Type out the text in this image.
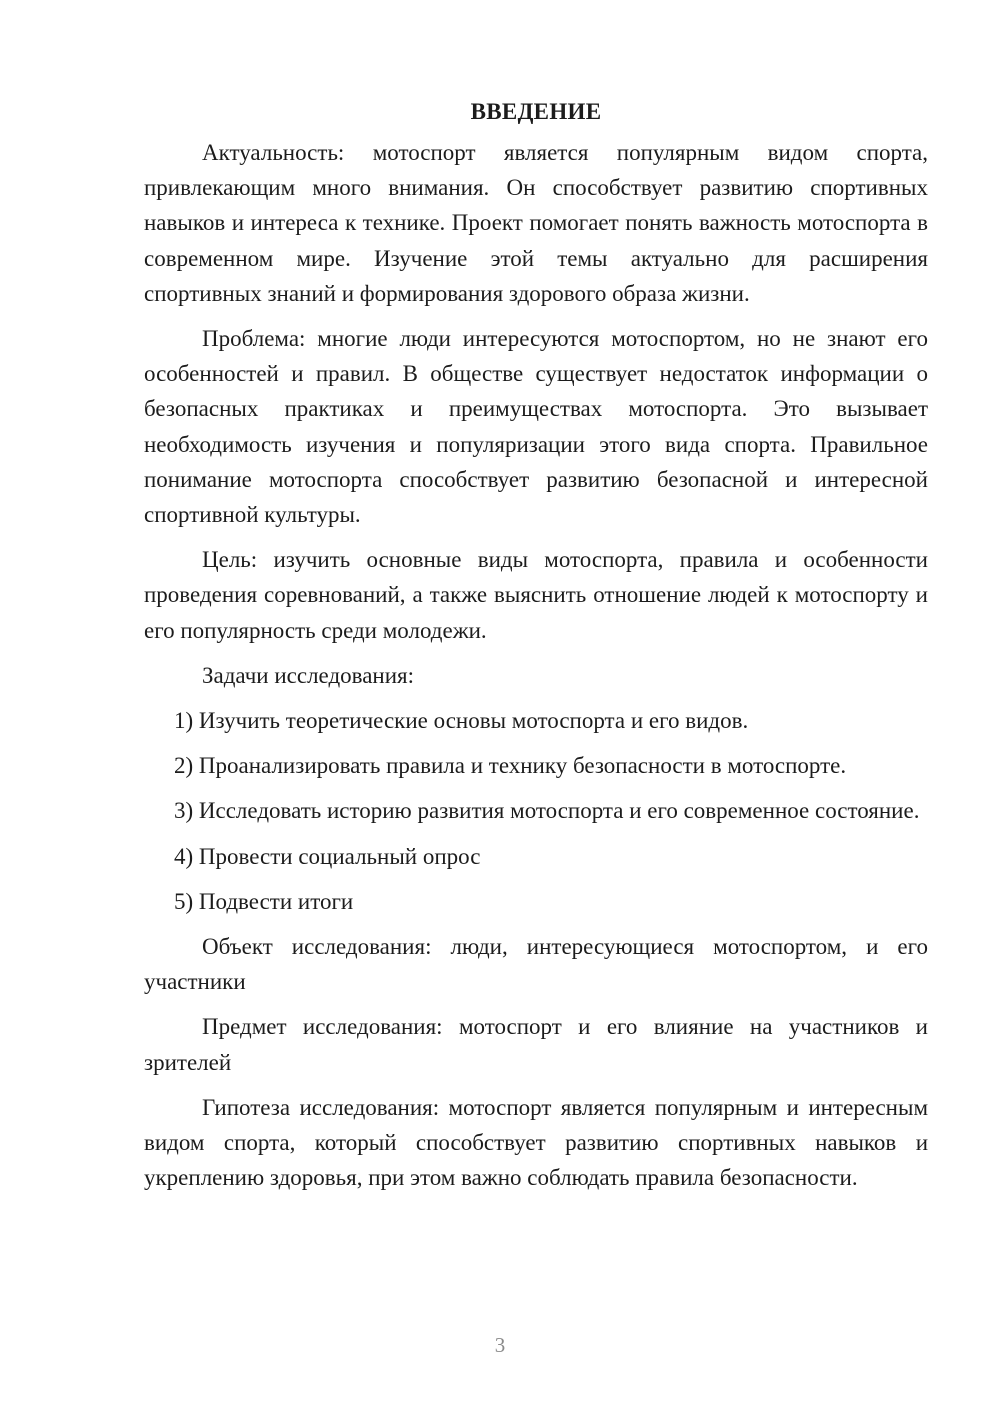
ВВЕДЕНИЕ

Актуальность: мотоспорт является популярным видом спорта, привлекающим много внимания. Он способствует развитию спортивных навыков и интереса к технике. Проект помогает понять важность мотоспорта в современном мире. Изучение этой темы актуально для расширения спортивных знаний и формирования здорового образа жизни.

Проблема: многие люди интересуются мотоспортом, но не знают его особенностей и правил. В обществе существует недостаток информации о безопасных практиках и преимуществах мотоспорта. Это вызывает необходимость изучения и популяризации этого вида спорта. Правильное понимание мотоспорта способствует развитию безопасной и интересной спортивной культуры.

Цель: изучить основные виды мотоспорта, правила и особенности проведения соревнований, а также выяснить отношение людей к мотоспорту и его популярность среди молодежи.

Задачи исследования:

1) Изучить теоретические основы мотоспорта и его видов.

2) Проанализировать правила и технику безопасности в мотоспорте.

3) Исследовать историю развития мотоспорта и его современное состояние.

4) Провести социальный опрос

5) Подвести итоги

Объект исследования: люди, интересующиеся мотоспортом, и его участники

Предмет исследования: мотоспорт и его влияние на участников и зрителей

Гипотеза исследования: мотоспорт является популярным и интересным видом спорта, который способствует развитию спортивных навыков и укреплению здоровья, при этом важно соблюдать правила безопасности.

3
